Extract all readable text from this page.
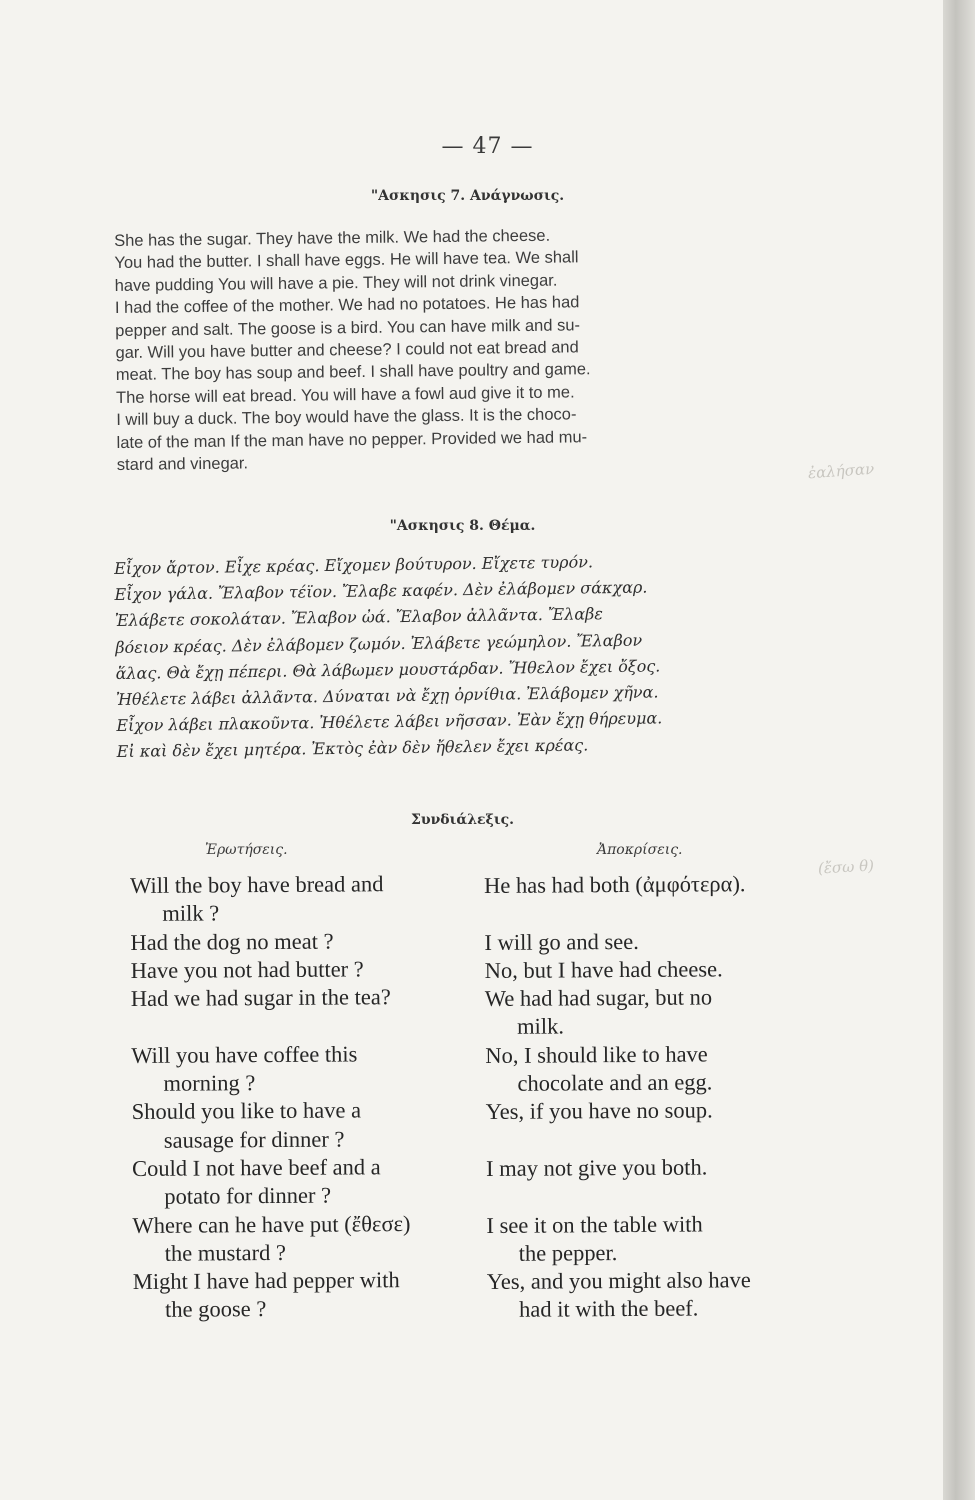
— 47 —
"Ασκησις 7. Ανάγνωσις.
She has the sugar. They have the milk. We had the cheese.
You had the butter. I shall have eggs. He will have tea. We shall
have pudding You will have a pie. They will not drink vinegar.
I had the coffee of the mother. We had no potatoes. He has had
pepper and salt. The goose is a bird. You can have milk and su-
gar. Will you have butter and cheese? I could not eat bread and
meat. The boy has soup and beef. I shall have poultry and game.
The horse will eat bread. You will have a fowl aud give it to me.
I will buy a duck. The boy would have the glass. It is the choco-
late of the man If the man have no pepper. Provided we had mu-
stard and vinegar.	ἐαλήσαν
"Ασκησις 8. Θέμα.
Εἶχον ἄρτον. Εἶχε κρέας. Εἴχομεν βούτυρον. Εἴχετε τυρόν.
Εἶχον γάλα. Ἔλαβον τέϊον. Ἔλαβε καφέν. Δὲν ἐλάβομεν σάκχαρ.
Ἐλάβετε σοκολάταν. Ἔλαβον ὠά. Ἔλαβον ἀλλᾶντα. Ἔλαβε
βόειον κρέας. Δὲν ἐλάβομεν ζωμόν. Ἐλάβετε γεώμηλον. Ἔλαβον
ἅλας. Θὰ ἔχῃ πέπερι. Θὰ λάβωμεν μουστάρδαν. Ἤθελον ἔχει ὄξος.
Ἠθέλετε λάβει ἀλλᾶντα. Δύναται νὰ ἔχῃ ὀρνίθια. Ἐλάβομεν χῆνα.
Εἶχον λάβει πλακοῦντα. Ἠθέλετε λάβει νῆσσαν. Ἐὰν ἔχῃ θήρευμα.
Εἰ καὶ δὲν ἔχει μητέρα. Ἐκτὸς ἐὰν δὲν ἤθελεν ἔχει κρέας.
Συνδιάλεξις.
Ἐρωτήσεις.	Ἀποκρίσεις.
(ἔσω θ)
Will the boy have bread and
milk ?
Had the dog no meat ?
Have you not had butter ?
Had we had sugar in the tea?

Will you have coffee this
morning ?
Should you like to have a
sausage for dinner ?
Could I not have beef and a
potato for dinner ?
Where can he have put (ἔθεσε)
the mustard ?
Might I have had pepper with
the goose ?
He has had both (ἀμφότερα).

I will go and see.
No, but I have had cheese.
We had had sugar, but no
milk.
No, I should like to have
chocolate and an egg.
Yes, if you have no soup.

I may not give you both.

I see it on the table with
the pepper.
Yes, and you might also have
had it with the beef.
